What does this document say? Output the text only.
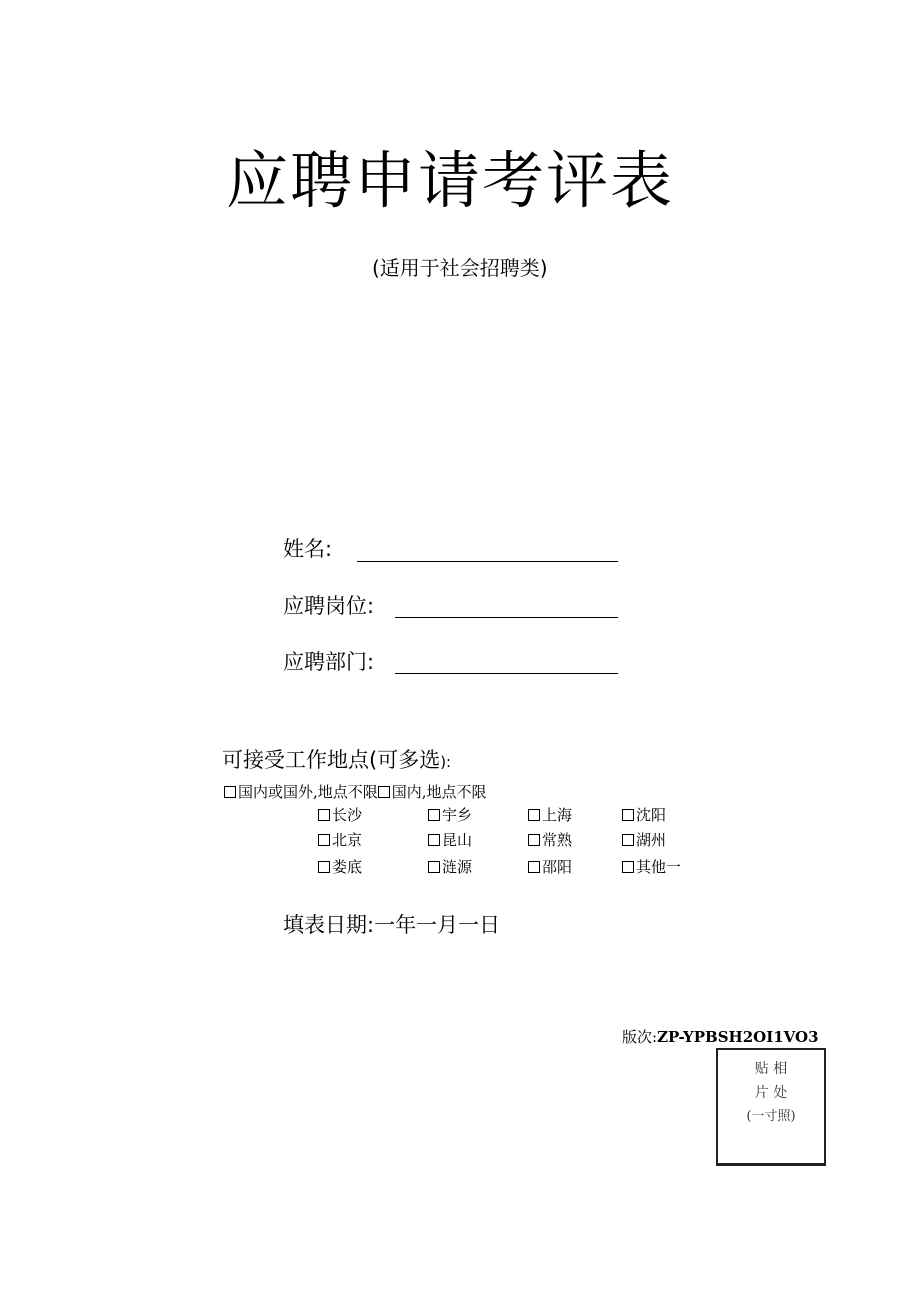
应聘申请考评表
(适用于社会招聘类)
姓名:
应聘岗位:
应聘部门:
可接受工作地点(可多选):
国内或国外,地点不限 国内,地点不限
长沙	宇乡	上海	沈阳
北京	昆山	常熟	湖州
娄底	涟源	邵阳	其他一
填表日期:一年一月一日
版次:ZP-YPBSH2OI1VO3
贴 相
片 处
(一寸照)
